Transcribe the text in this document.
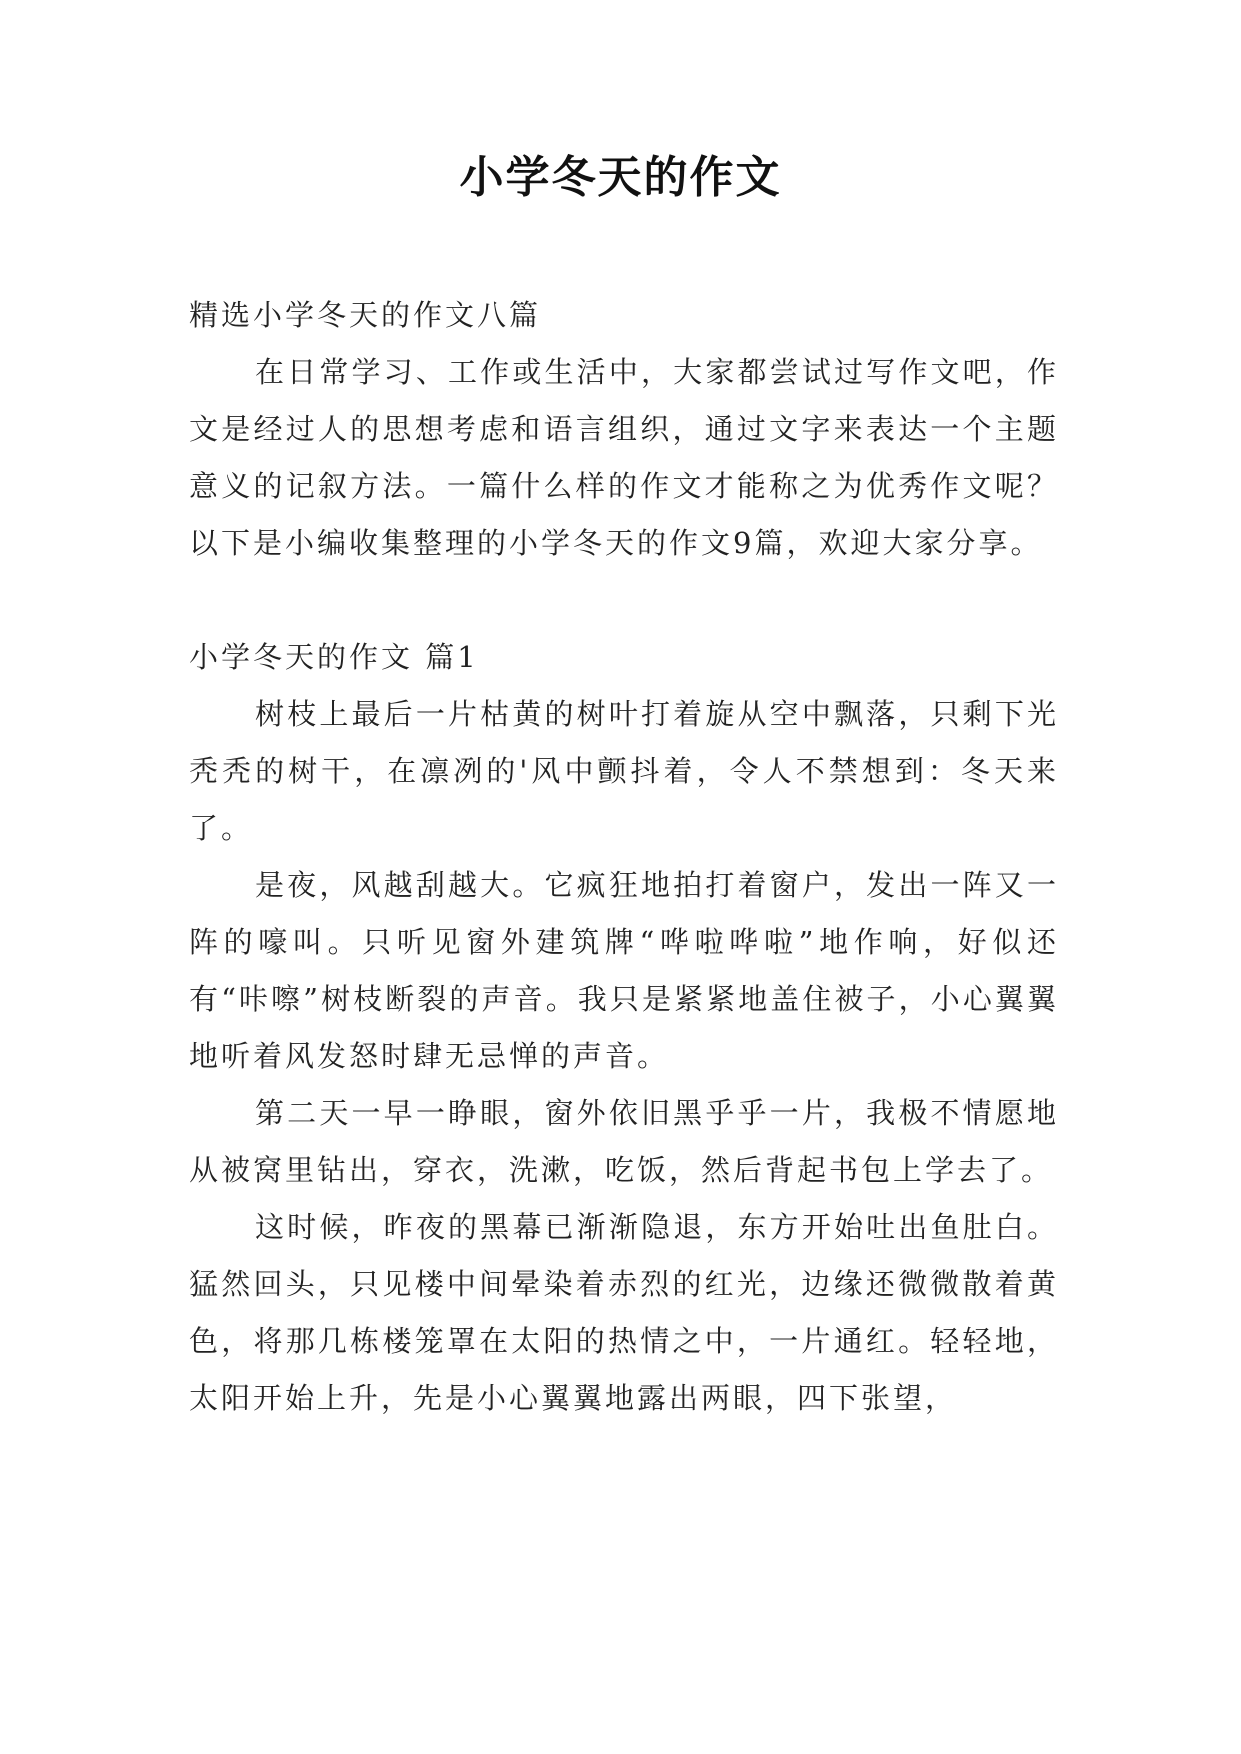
小学冬天的作文

精选小学冬天的作文八篇

在日常学习、工作或生活中，大家都尝试过写作文吧，作文是经过人的思想考虑和语言组织，通过文字来表达一个主题意义的记叙方法。一篇什么样的作文才能称之为优秀作文呢？以下是小编收集整理的小学冬天的作文9篇，欢迎大家分享。

小学冬天的作文 篇1

树枝上最后一片枯黄的树叶打着旋从空中飘落，只剩下光秃秃的树干，在凛冽的'风中颤抖着，令人不禁想到：冬天来了。

是夜，风越刮越大。它疯狂地拍打着窗户，发出一阵又一阵的嚎叫。只听见窗外建筑牌“哗啦哗啦”地作响，好似还有“咔嚓”树枝断裂的声音。我只是紧紧地盖住被子，小心翼翼地听着风发怒时肆无忌惮的声音。

第二天一早一睁眼，窗外依旧黑乎乎一片，我极不情愿地从被窝里钻出，穿衣，洗漱，吃饭，然后背起书包上学去了。

这时候，昨夜的黑幕已渐渐隐退，东方开始吐出鱼肚白。猛然回头，只见楼中间晕染着赤烈的红光，边缘还微微散着黄色，将那几栋楼笼罩在太阳的热情之中，一片通红。轻轻地，太阳开始上升，先是小心翼翼地露出两眼，四下张望，
